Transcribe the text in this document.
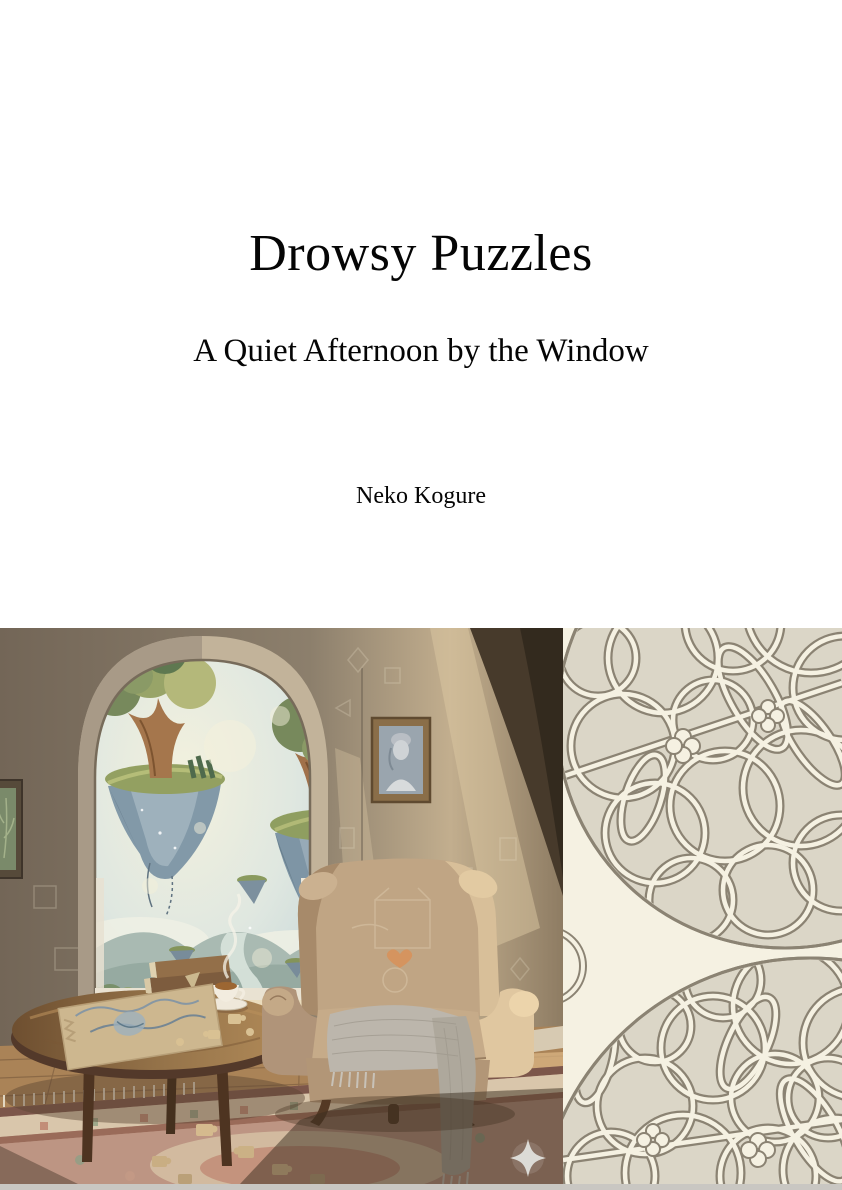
Drowsy Puzzles
A Quiet Afternoon by the Window
Neko Kogure
